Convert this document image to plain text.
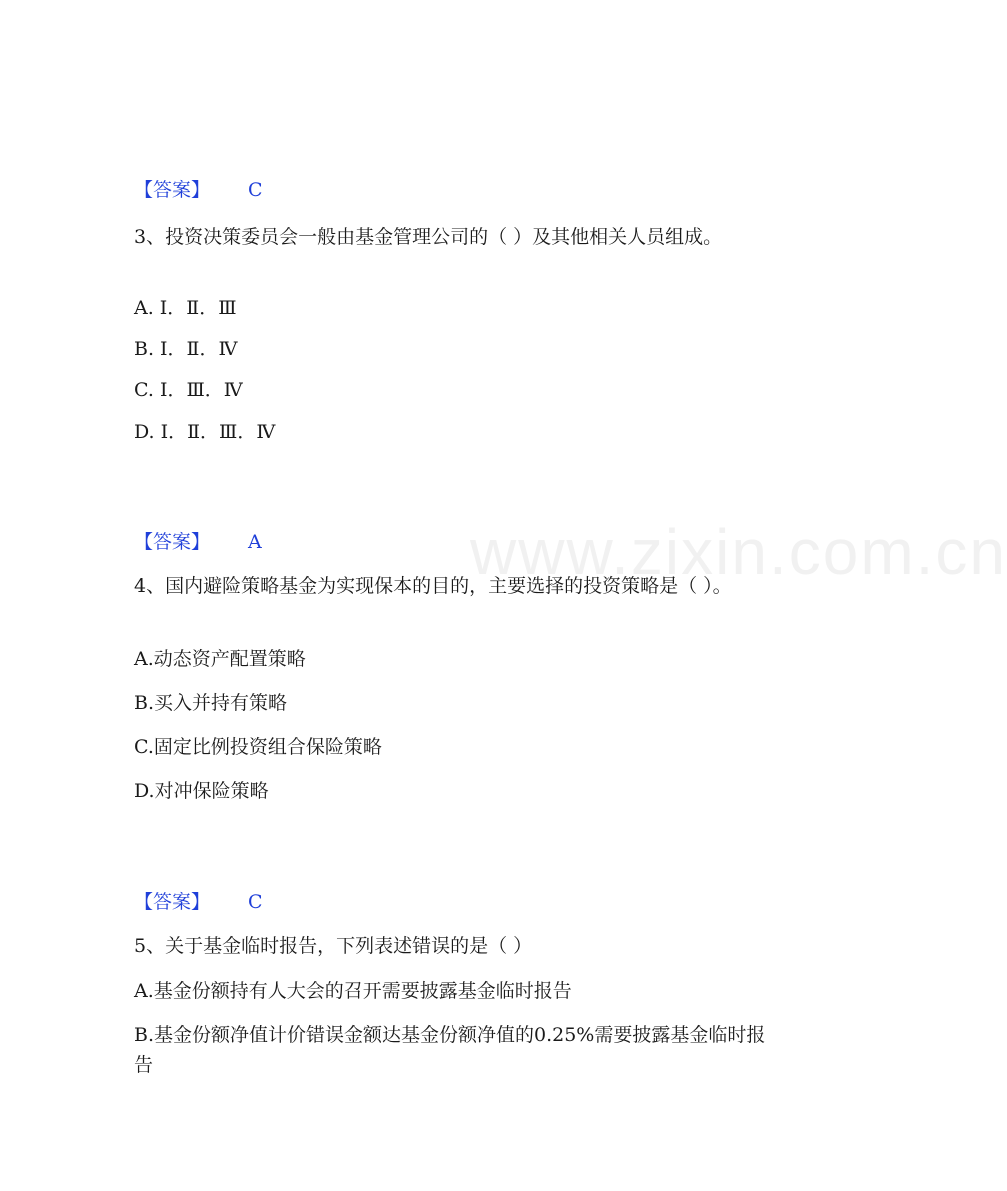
www.zixin.com.cn
【答案】 C
3、投资决策委员会一般由基金管理公司的（ ）及其他相关人员组成。
A. Ⅰ．Ⅱ．Ⅲ
B. Ⅰ．Ⅱ．Ⅳ
C. Ⅰ．Ⅲ．Ⅳ
D. Ⅰ．Ⅱ．Ⅲ．Ⅳ
【答案】 A
4、国内避险策略基金为实现保本的目的，主要选择的投资策略是（ ）。
A.动态资产配置策略
B.买入并持有策略
C.固定比例投资组合保险策略
D.对冲保险策略
【答案】 C
5、关于基金临时报告，下列表述错误的是（ ）
A.基金份额持有人大会的召开需要披露基金临时报告
B.基金份额净值计价错误金额达基金份额净值的0.25%需要披露基金临时报告
